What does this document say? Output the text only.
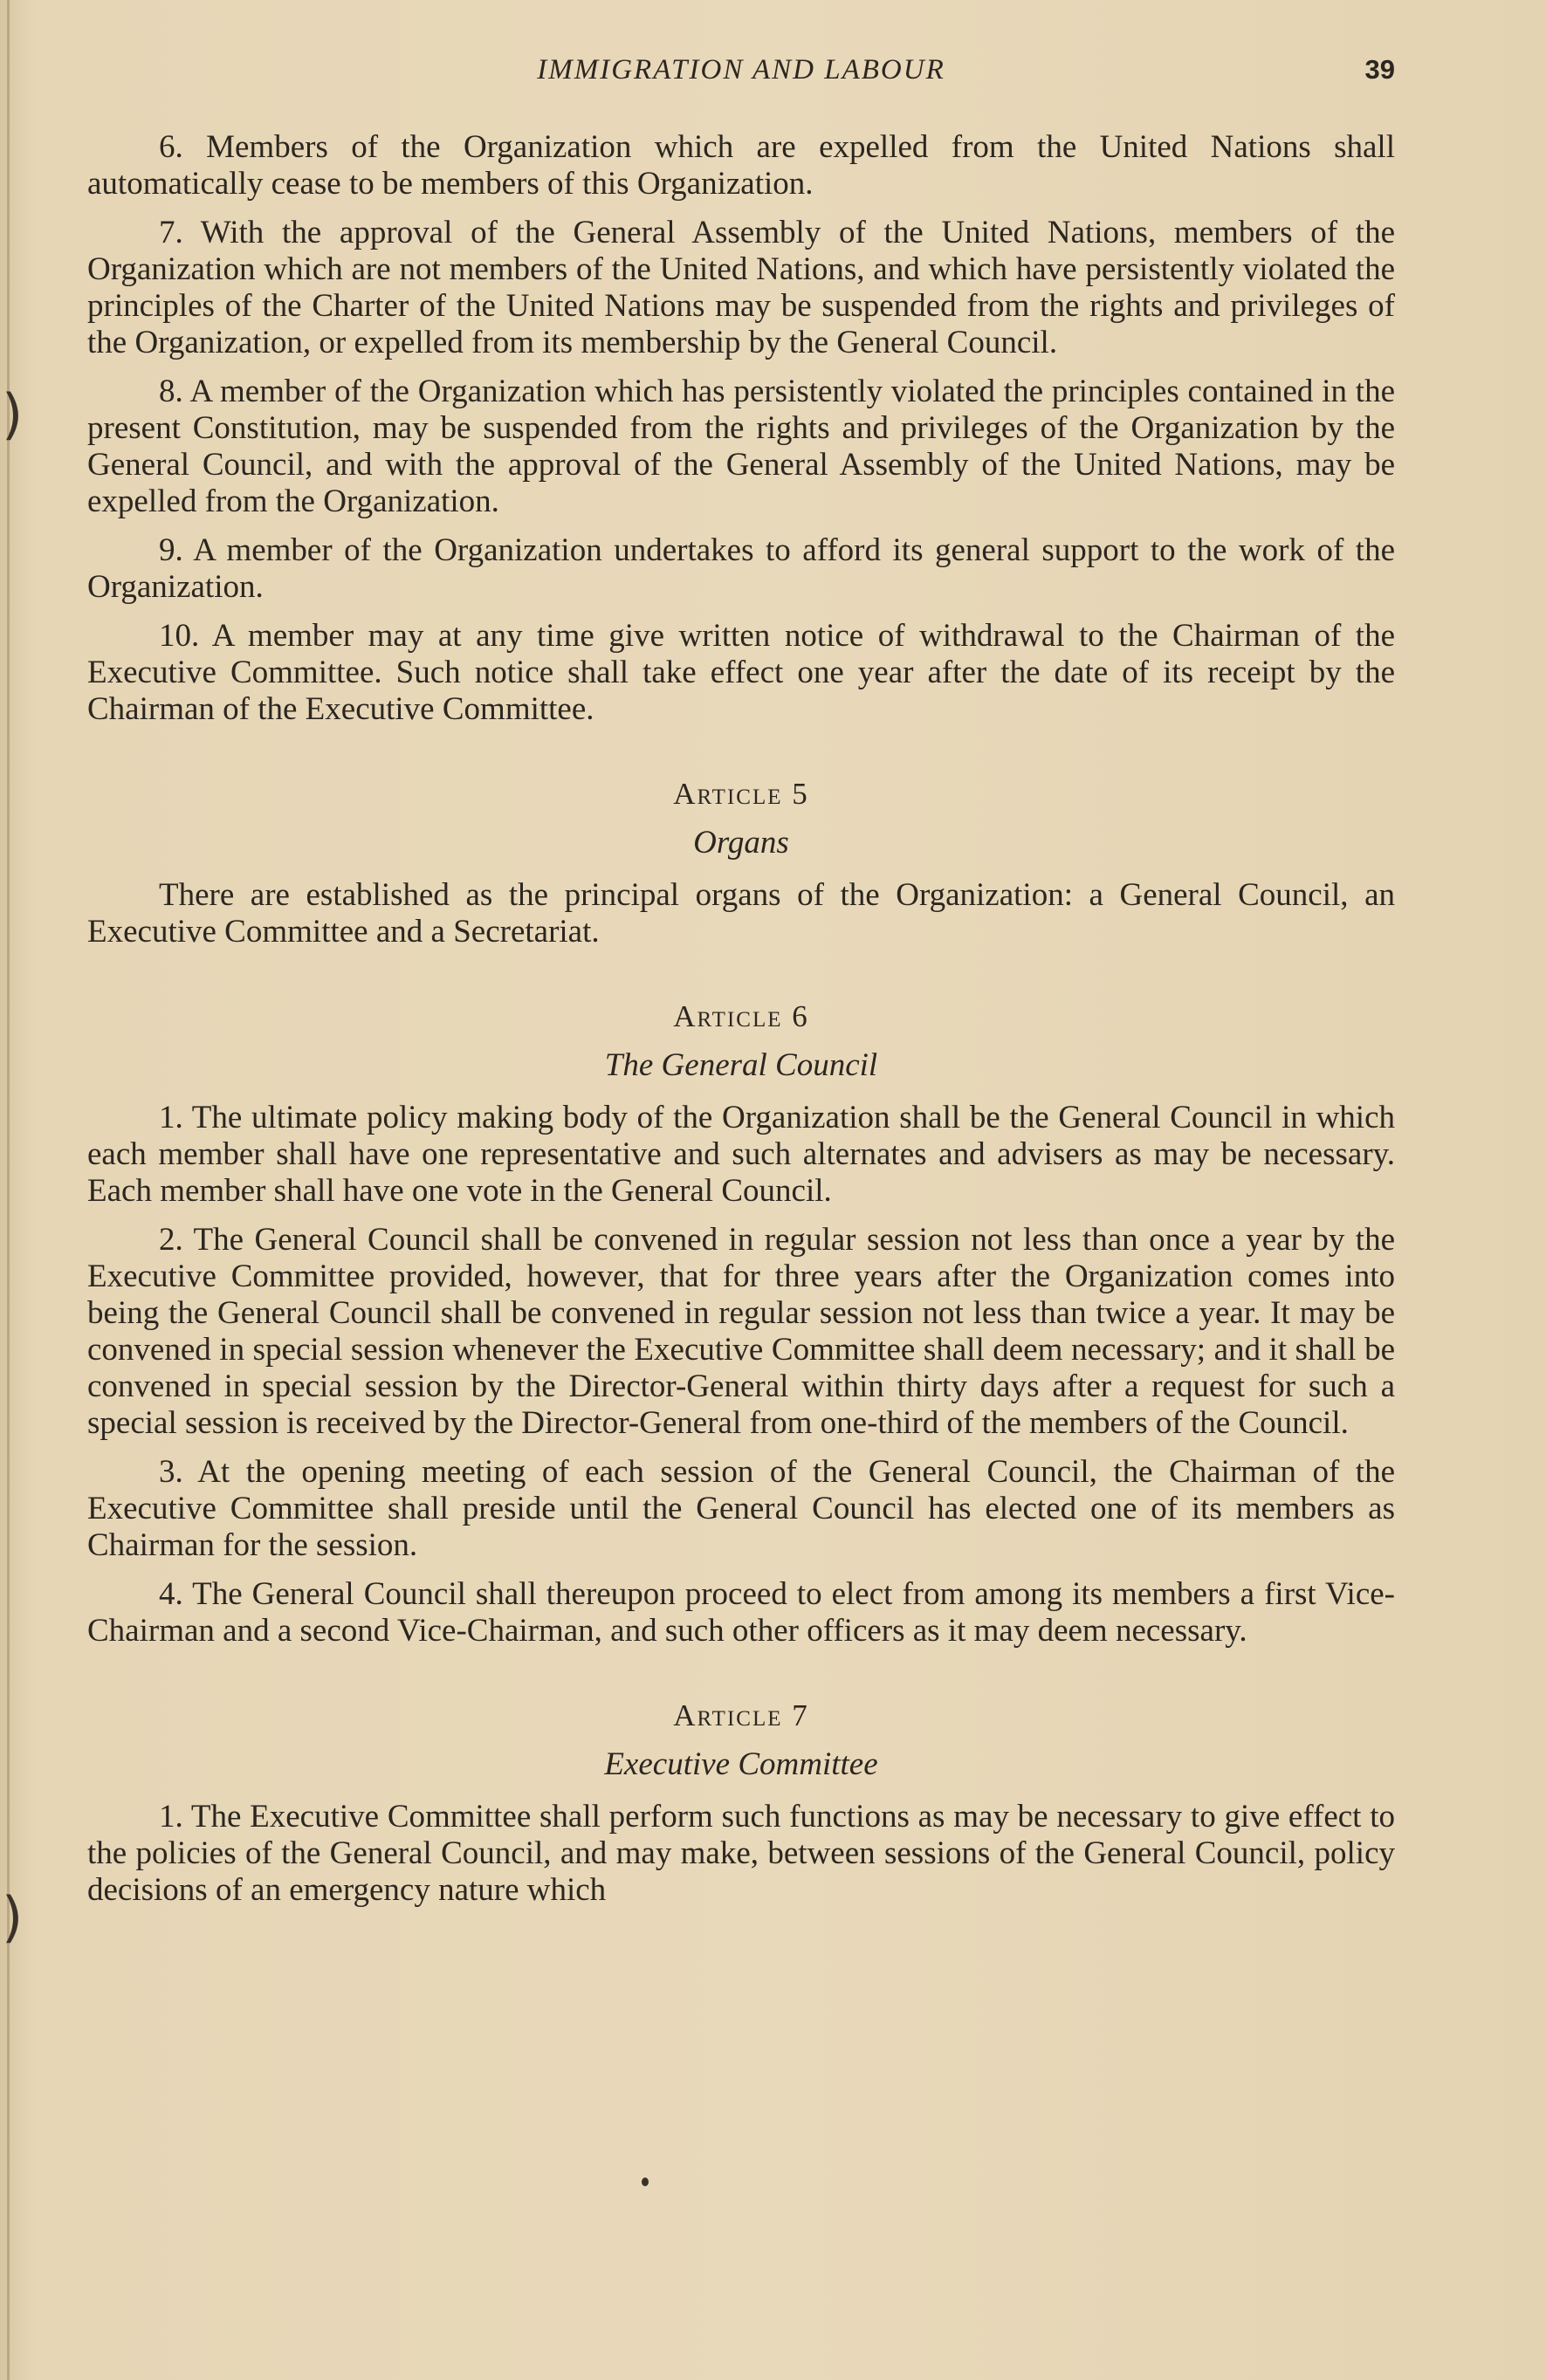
)
)
IMMIGRATION AND LABOUR	39

6. Members of the Organization which are expelled from the United Nations shall automatically cease to be members of this Organization.

7. With the approval of the General Assembly of the United Nations, members of the Organization which are not members of the United Nations, and which have persistently violated the principles of the Charter of the United Nations may be suspended from the rights and privileges of the Organization, or expelled from its membership by the General Council.

8. A member of the Organization which has persistently violated the principles contained in the present Constitution, may be suspended from the rights and privileges of the Organization by the General Council, and with the approval of the General Assembly of the United Nations, may be expelled from the Organization.

9. A member of the Organization undertakes to afford its general support to the work of the Organization.

10. A member may at any time give written notice of withdrawal to the Chairman of the Executive Committee. Such notice shall take effect one year after the date of its receipt by the Chairman of the Executive Committee.

Article 5
Organs

There are established as the principal organs of the Organization: a General Council, an Executive Committee and a Secretariat.

Article 6
The General Council

1. The ultimate policy making body of the Organization shall be the General Council in which each member shall have one representative and such alternates and advisers as may be necessary. Each member shall have one vote in the General Council.

2. The General Council shall be convened in regular session not less than once a year by the Executive Committee provided, however, that for three years after the Organization comes into being the General Council shall be convened in regular session not less than twice a year. It may be convened in special session whenever the Executive Committee shall deem necessary; and it shall be convened in special session by the Director-General within thirty days after a request for such a special session is received by the Director-General from one-third of the members of the Council.

3. At the opening meeting of each session of the General Council, the Chairman of the Executive Committee shall preside until the General Council has elected one of its members as Chairman for the session.

4. The General Council shall thereupon proceed to elect from among its members a first Vice-Chairman and a second Vice-Chairman, and such other officers as it may deem necessary.

Article 7
Executive Committee

1. The Executive Committee shall perform such functions as may be necessary to give effect to the policies of the General Council, and may make, between sessions of the General Council, policy decisions of an emergency nature which
